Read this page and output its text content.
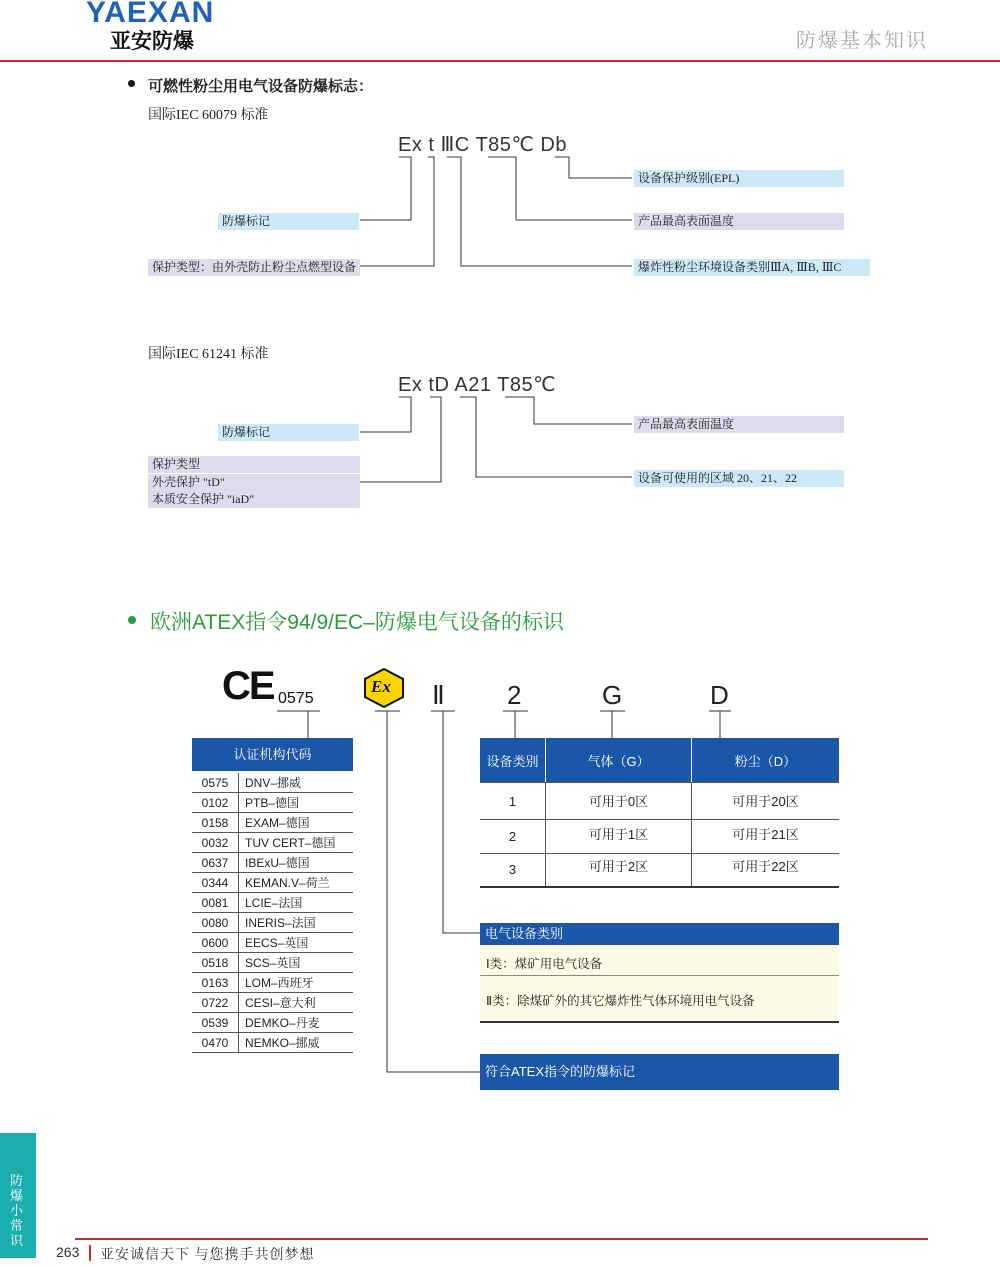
YAEXAN
亚安防爆	防爆基本知识
可燃性粉尘用电气设备防爆标志：
国际IEC 60079 标准
Ex t ⅢC T85℃ Db
设备保护级别(EPL)
防爆标记	产品最高表面温度
保护类型：由外壳防止粉尘点燃型设备	爆炸性粉尘环境设备类别ⅢA, ⅢB, ⅢC
国际IEC 61241 标准
Ex tD A21 T85℃
产品最高表面温度
防爆标记
保护类型
外壳保护 "tD"
本质安全保护 "iaD"
设备可使用的区域 20、21、22
欧洲ATEX指令94/9/EC–防爆电气设备的标识
CE 0575
Ex Ⅱ 2	G	D
认证机构代码
0575	DNV–挪威
0102	PTB–德国
0158	EXAM–德国
0032	TUV CERT–德国
0637	IBExU–德国
0344	KEMAN.V–荷兰
0081	LCIE–法国
0080	INERIS–法国
0600	EECS–英国
0518	SCS–英国
0163	LOM–西班牙
0722	CESI–意大利
0539	DEMKO–丹麦
0470	NEMKO–挪威
设备类别	气体（G）	粉尘（D）
1	可用于0区	可用于20区
2	可用于1区	可用于21区
3	可用于2区	可用于22区
电气设备类别
Ⅰ类：煤矿用电气设备
Ⅱ类：除煤矿外的其它爆炸性气体环境用电气设备
符合ATEX指令的防爆标记
防爆小常识
263 亚安诚信天下 与您携手共创梦想
